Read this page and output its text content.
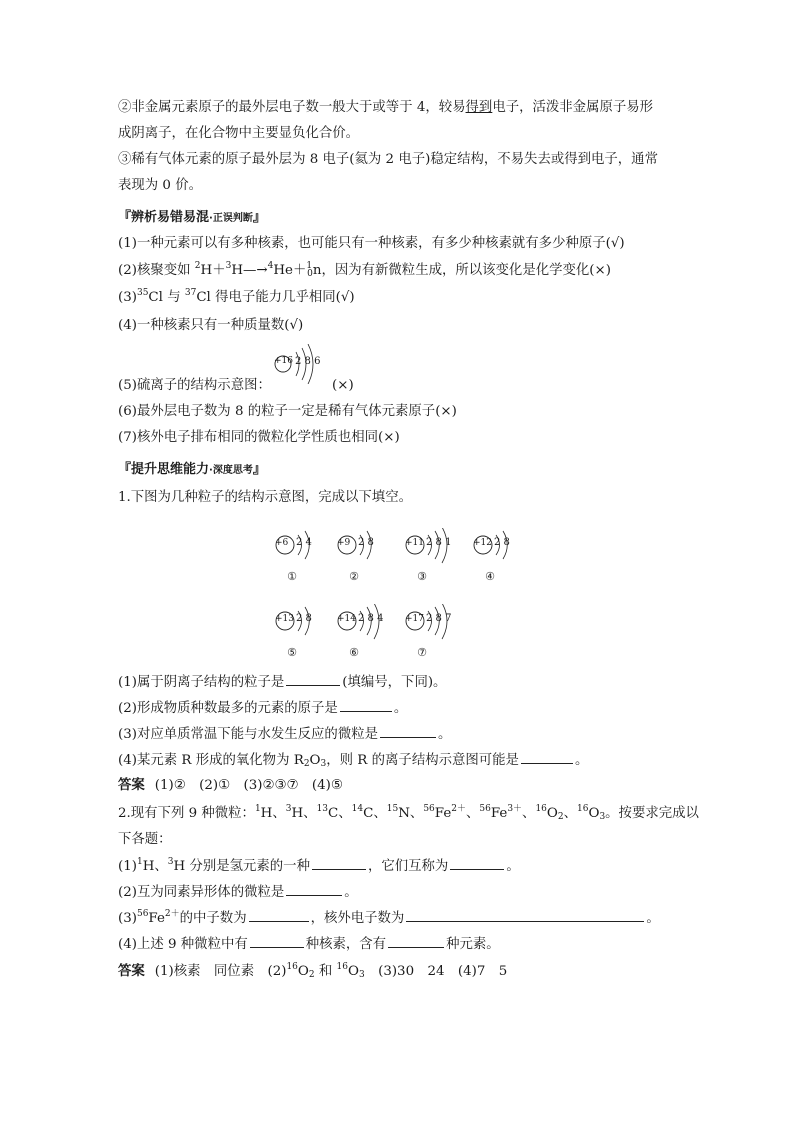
②非金属元素原子的最外层电子数一般大于或等于 4，较易得到电子，活泼非金属原子易形
成阴离子，在化合物中主要显负化合价。
③稀有气体元素的原子最外层为 8 电子(氦为 2 电子)稳定结构，不易失去或得到电子，通常
表现为 0 价。
『辨析易错易混·正误判断』
(1)一种元素可以有多种核素，也可能只有一种核素，有多少种核素就有多少种原子(√)
(2)核聚变如 $^2$H＋$^3$H—→$^4$He＋$^1_0$n，因为有新微粒生成，所以该变化是化学变化(×)
$(3)^{35}Cl$ 与 $^{37}$Cl 得电子能力几乎相同(√)
(4)一种核素只有一种质量数(√)
(5)硫离子的结构示意图：
+16 2 8 6
(×)
(6)最外层电子数为 8 的粒子一定是稀有气体元素原子(×)
(7)核外电子排布相同的微粒化学性质也相同(×)
『提升思维能力·深度思考』
1.下图为几种粒子的结构示意图，完成以下填空。
+6 2 4
①
+9 2 8
②
+11 2 8 1
③
+12 2 8
④
+13 2 8
⑤
+14 2 8 4
⑥
+17 2 8 7
⑦
(1)属于阴离子结构的粒子是	(填编号，下同)。
(2)形成物质种数最多的元素的原子是	。
(3)对应单质常温下能与水发生反应的微粒是	。
(4)某元素 R 形成的氧化物为 $R_2O_3$，则 R 的离子结构示意图可能是	。
答案 (1)②　(2)①　(3)②③⑦　(4)⑤
2.现有下列 9 种微粒：$^1$H、$^3$H、$^{13}$C、$^{14}$C、$^{15}$N、$^{56}Fe^{2+}$、$^{56}Fe^{3+}$、$^{16}O_2$、$^{16}O_3$。按要求完成以
下各题：
$(1)^1H$、$^3$H 分别是氢元素的一种	，它们互称为	。
(2)互为同素异形体的微粒是	。
$(3)^{56}Fe^{2+}$的中子数为	，核外电子数为	。
(4)上述 9 种微粒中有	种核素，含有	种元素。
答案 (1)核素　同位素　$(2)^{16}O_2$ 和 $^{16}O_3$　(3)30　24　(4)7　5
